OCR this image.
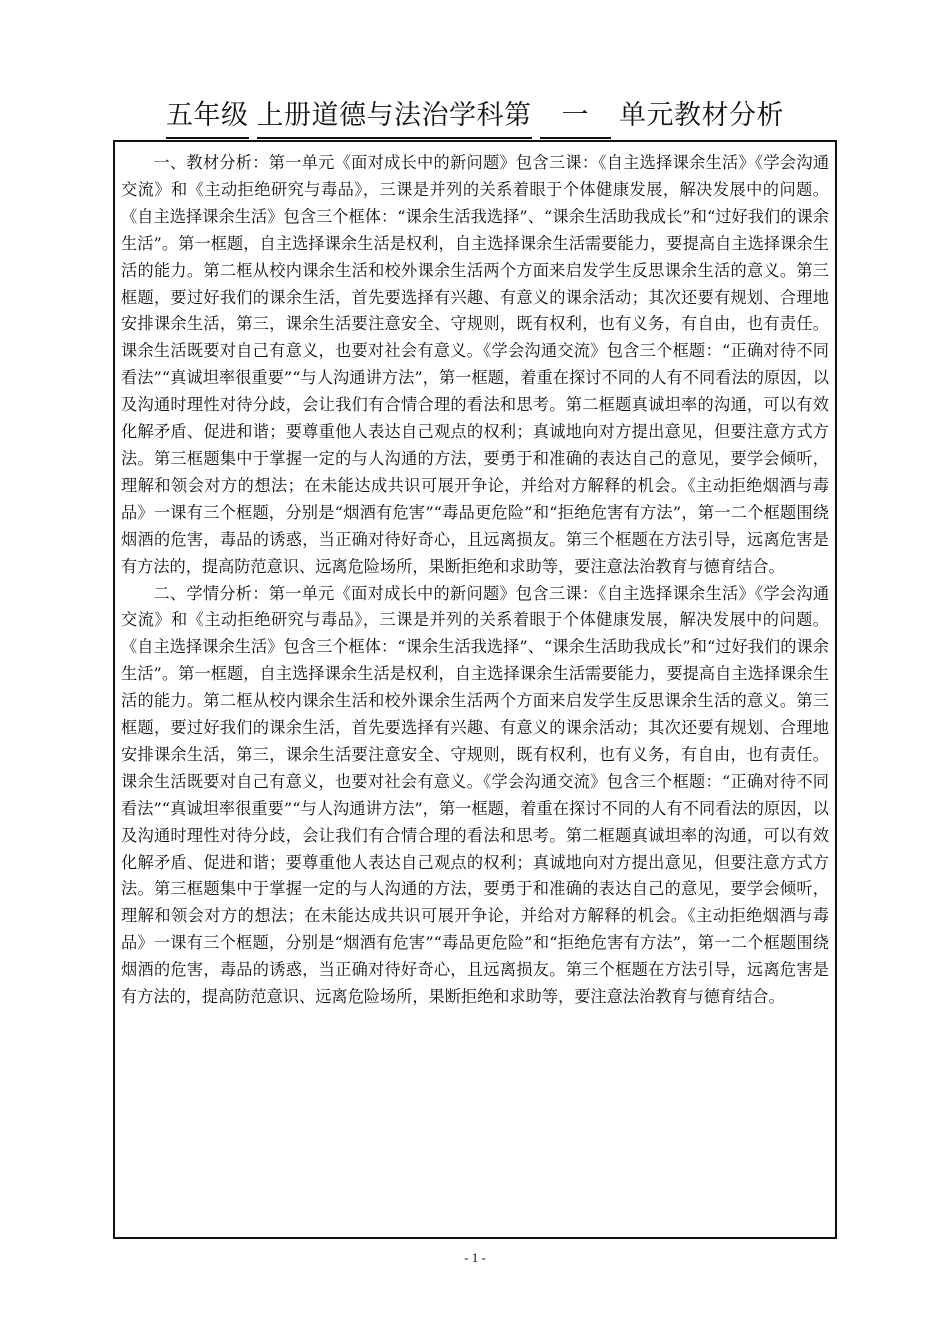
五年级 上册道德与法治学科第 一 单元教材分析

一、教材分析：第一单元《面对成长中的新问题》包含三课：《自主选择课余生活》《学会沟通交流》和《主动拒绝研究与毒品》，三课是并列的关系着眼于个体健康发展，解决发展中的问题。《自主选择课余生活》包含三个框体：“课余生活我选择”、“课余生活助我成长”和“过好我们的课余生活”。第一框题，自主选择课余生活是权利，自主选择课余生活需要能力，要提高自主选择课余生活的能力。第二框从校内课余生活和校外课余生活两个方面来启发学生反思课余生活的意义。第三框题，要过好我们的课余生活，首先要选择有兴趣、有意义的课余活动；其次还要有规划、合理地安排课余生活，第三，课余生活要注意安全、守规则，既有权利，也有义务，有自由，也有责任。课余生活既要对自己有意义，也要对社会有意义。《学会沟通交流》包含三个框题：“正确对待不同看法”“真诚坦率很重要”“与人沟通讲方法”，第一框题，着重在探讨不同的人有不同看法的原因，以及沟通时理性对待分歧，会让我们有合情合理的看法和思考。第二框题真诚坦率的沟通，可以有效化解矛盾、促进和谐；要尊重他人表达自己观点的权利；真诚地向对方提出意见，但要注意方式方法。第三框题集中于掌握一定的与人沟通的方法，要勇于和准确的表达自己的意见，要学会倾听，理解和领会对方的想法；在未能达成共识可展开争论，并给对方解释的机会。《主动拒绝烟酒与毒品》一课有三个框题，分别是“烟酒有危害”“毒品更危险”和“拒绝危害有方法”，第一二个框题围绕烟酒的危害，毒品的诱惑，当正确对待好奇心，且远离损友。第三个框题在方法引导，远离危害是有方法的，提高防范意识、远离危险场所，果断拒绝和求助等，要注意法治教育与德育结合。

二、学情分析：第一单元《面对成长中的新问题》包含三课：《自主选择课余生活》《学会沟通交流》和《主动拒绝研究与毒品》，三课是并列的关系着眼于个体健康发展，解决发展中的问题。《自主选择课余生活》包含三个框体：“课余生活我选择”、“课余生活助我成长”和“过好我们的课余生活”。第一框题，自主选择课余生活是权利，自主选择课余生活需要能力，要提高自主选择课余生活的能力。第二框从校内课余生活和校外课余生活两个方面来启发学生反思课余生活的意义。第三框题，要过好我们的课余生活，首先要选择有兴趣、有意义的课余活动；其次还要有规划、合理地安排课余生活，第三，课余生活要注意安全、守规则，既有权利，也有义务，有自由，也有责任。课余生活既要对自己有意义，也要对社会有意义。《学会沟通交流》包含三个框题：“正确对待不同看法”“真诚坦率很重要”“与人沟通讲方法”，第一框题，着重在探讨不同的人有不同看法的原因，以及沟通时理性对待分歧，会让我们有合情合理的看法和思考。第二框题真诚坦率的沟通，可以有效化解矛盾、促进和谐；要尊重他人表达自己观点的权利；真诚地向对方提出意见，但要注意方式方法。第三框题集中于掌握一定的与人沟通的方法，要勇于和准确的表达自己的意见，要学会倾听，理解和领会对方的想法；在未能达成共识可展开争论，并给对方解释的机会。《主动拒绝烟酒与毒品》一课有三个框题，分别是“烟酒有危害”“毒品更危险”和“拒绝危害有方法”，第一二个框题围绕烟酒的危害，毒品的诱惑，当正确对待好奇心，且远离损友。第三个框题在方法引导，远离危害是有方法的，提高防范意识、远离危险场所，果断拒绝和求助等，要注意法治教育与德育结合。

- 1 -
